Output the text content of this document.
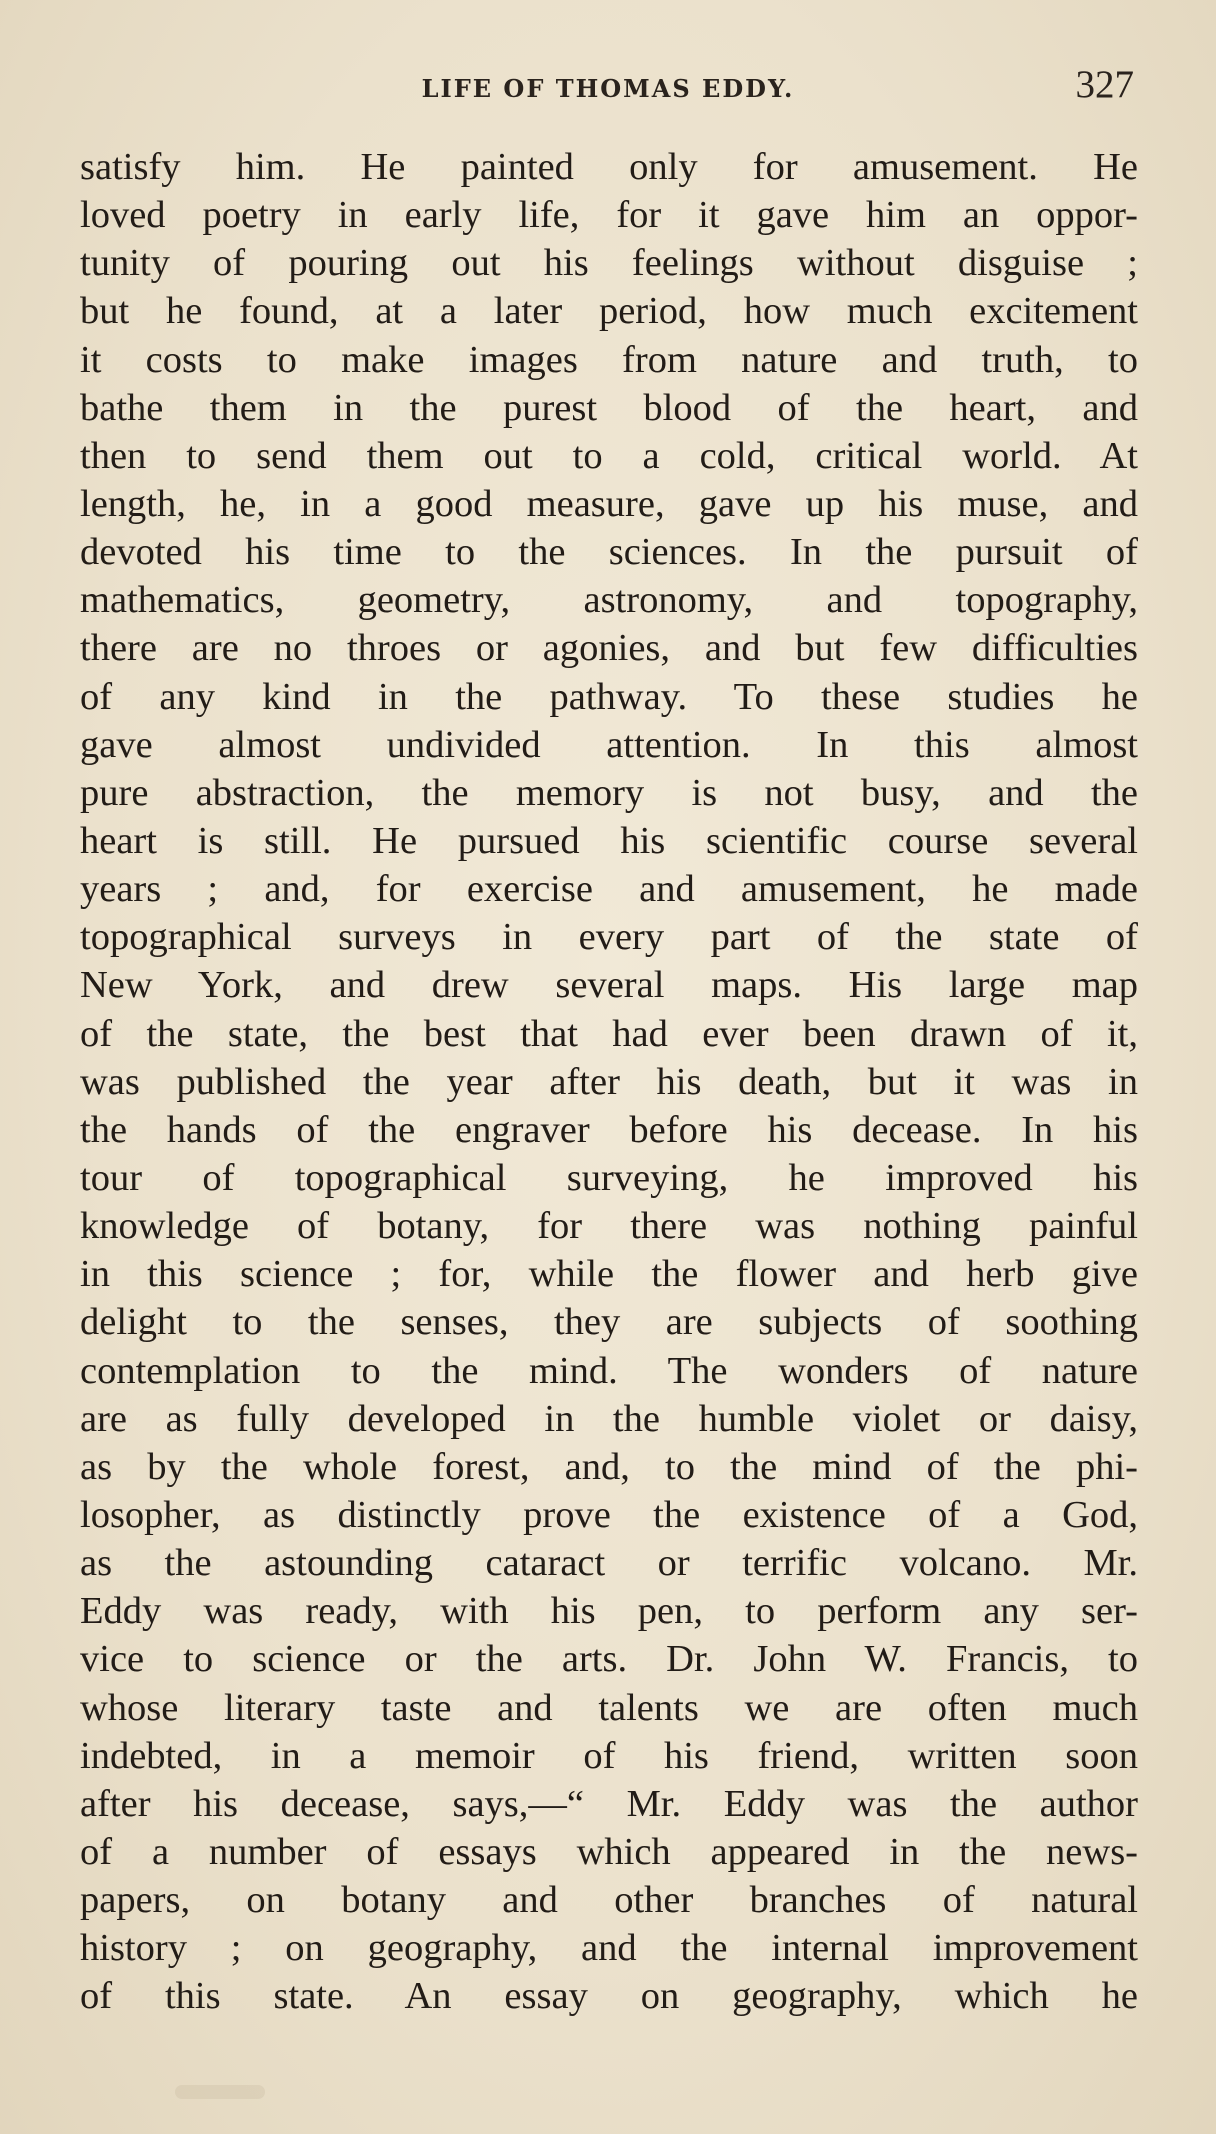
LIFE OF THOMAS EDDY.	327
satisfy him. He painted only for amusement. He
loved poetry in early life, for it gave him an oppor-
tunity of pouring out his feelings without disguise ;
but he found, at a later period, how much excitement
it costs to make images from nature and truth, to
bathe them in the purest blood of the heart, and
then to send them out to a cold, critical world. At
length, he, in a good measure, gave up his muse, and
devoted his time to the sciences. In the pursuit of
mathematics, geometry, astronomy, and topography,
there are no throes or agonies, and but few difficulties
of any kind in the pathway. To these studies he
gave almost undivided attention. In this almost
pure abstraction, the memory is not busy, and the
heart is still. He pursued his scientific course several
years ; and, for exercise and amusement, he made
topographical surveys in every part of the state of
New York, and drew several maps. His large map
of the state, the best that had ever been drawn of it,
was published the year after his death, but it was in
the hands of the engraver before his decease. In his
tour of topographical surveying, he improved his
knowledge of botany, for there was nothing painful
in this science ; for, while the flower and herb give
delight to the senses, they are subjects of soothing
contemplation to the mind. The wonders of nature
are as fully developed in the humble violet or daisy,
as by the whole forest, and, to the mind of the phi-
losopher, as distinctly prove the existence of a God,
as the astounding cataract or terrific volcano. Mr.
Eddy was ready, with his pen, to perform any ser-
vice to science or the arts. Dr. John W. Francis, to
whose literary taste and talents we are often much
indebted, in a memoir of his friend, written soon
after his decease, says,—“ Mr. Eddy was the author
of a number of essays which appeared in the news-
papers, on botany and other branches of natural
history ; on geography, and the internal improvement
of this state. An essay on geography, which he
